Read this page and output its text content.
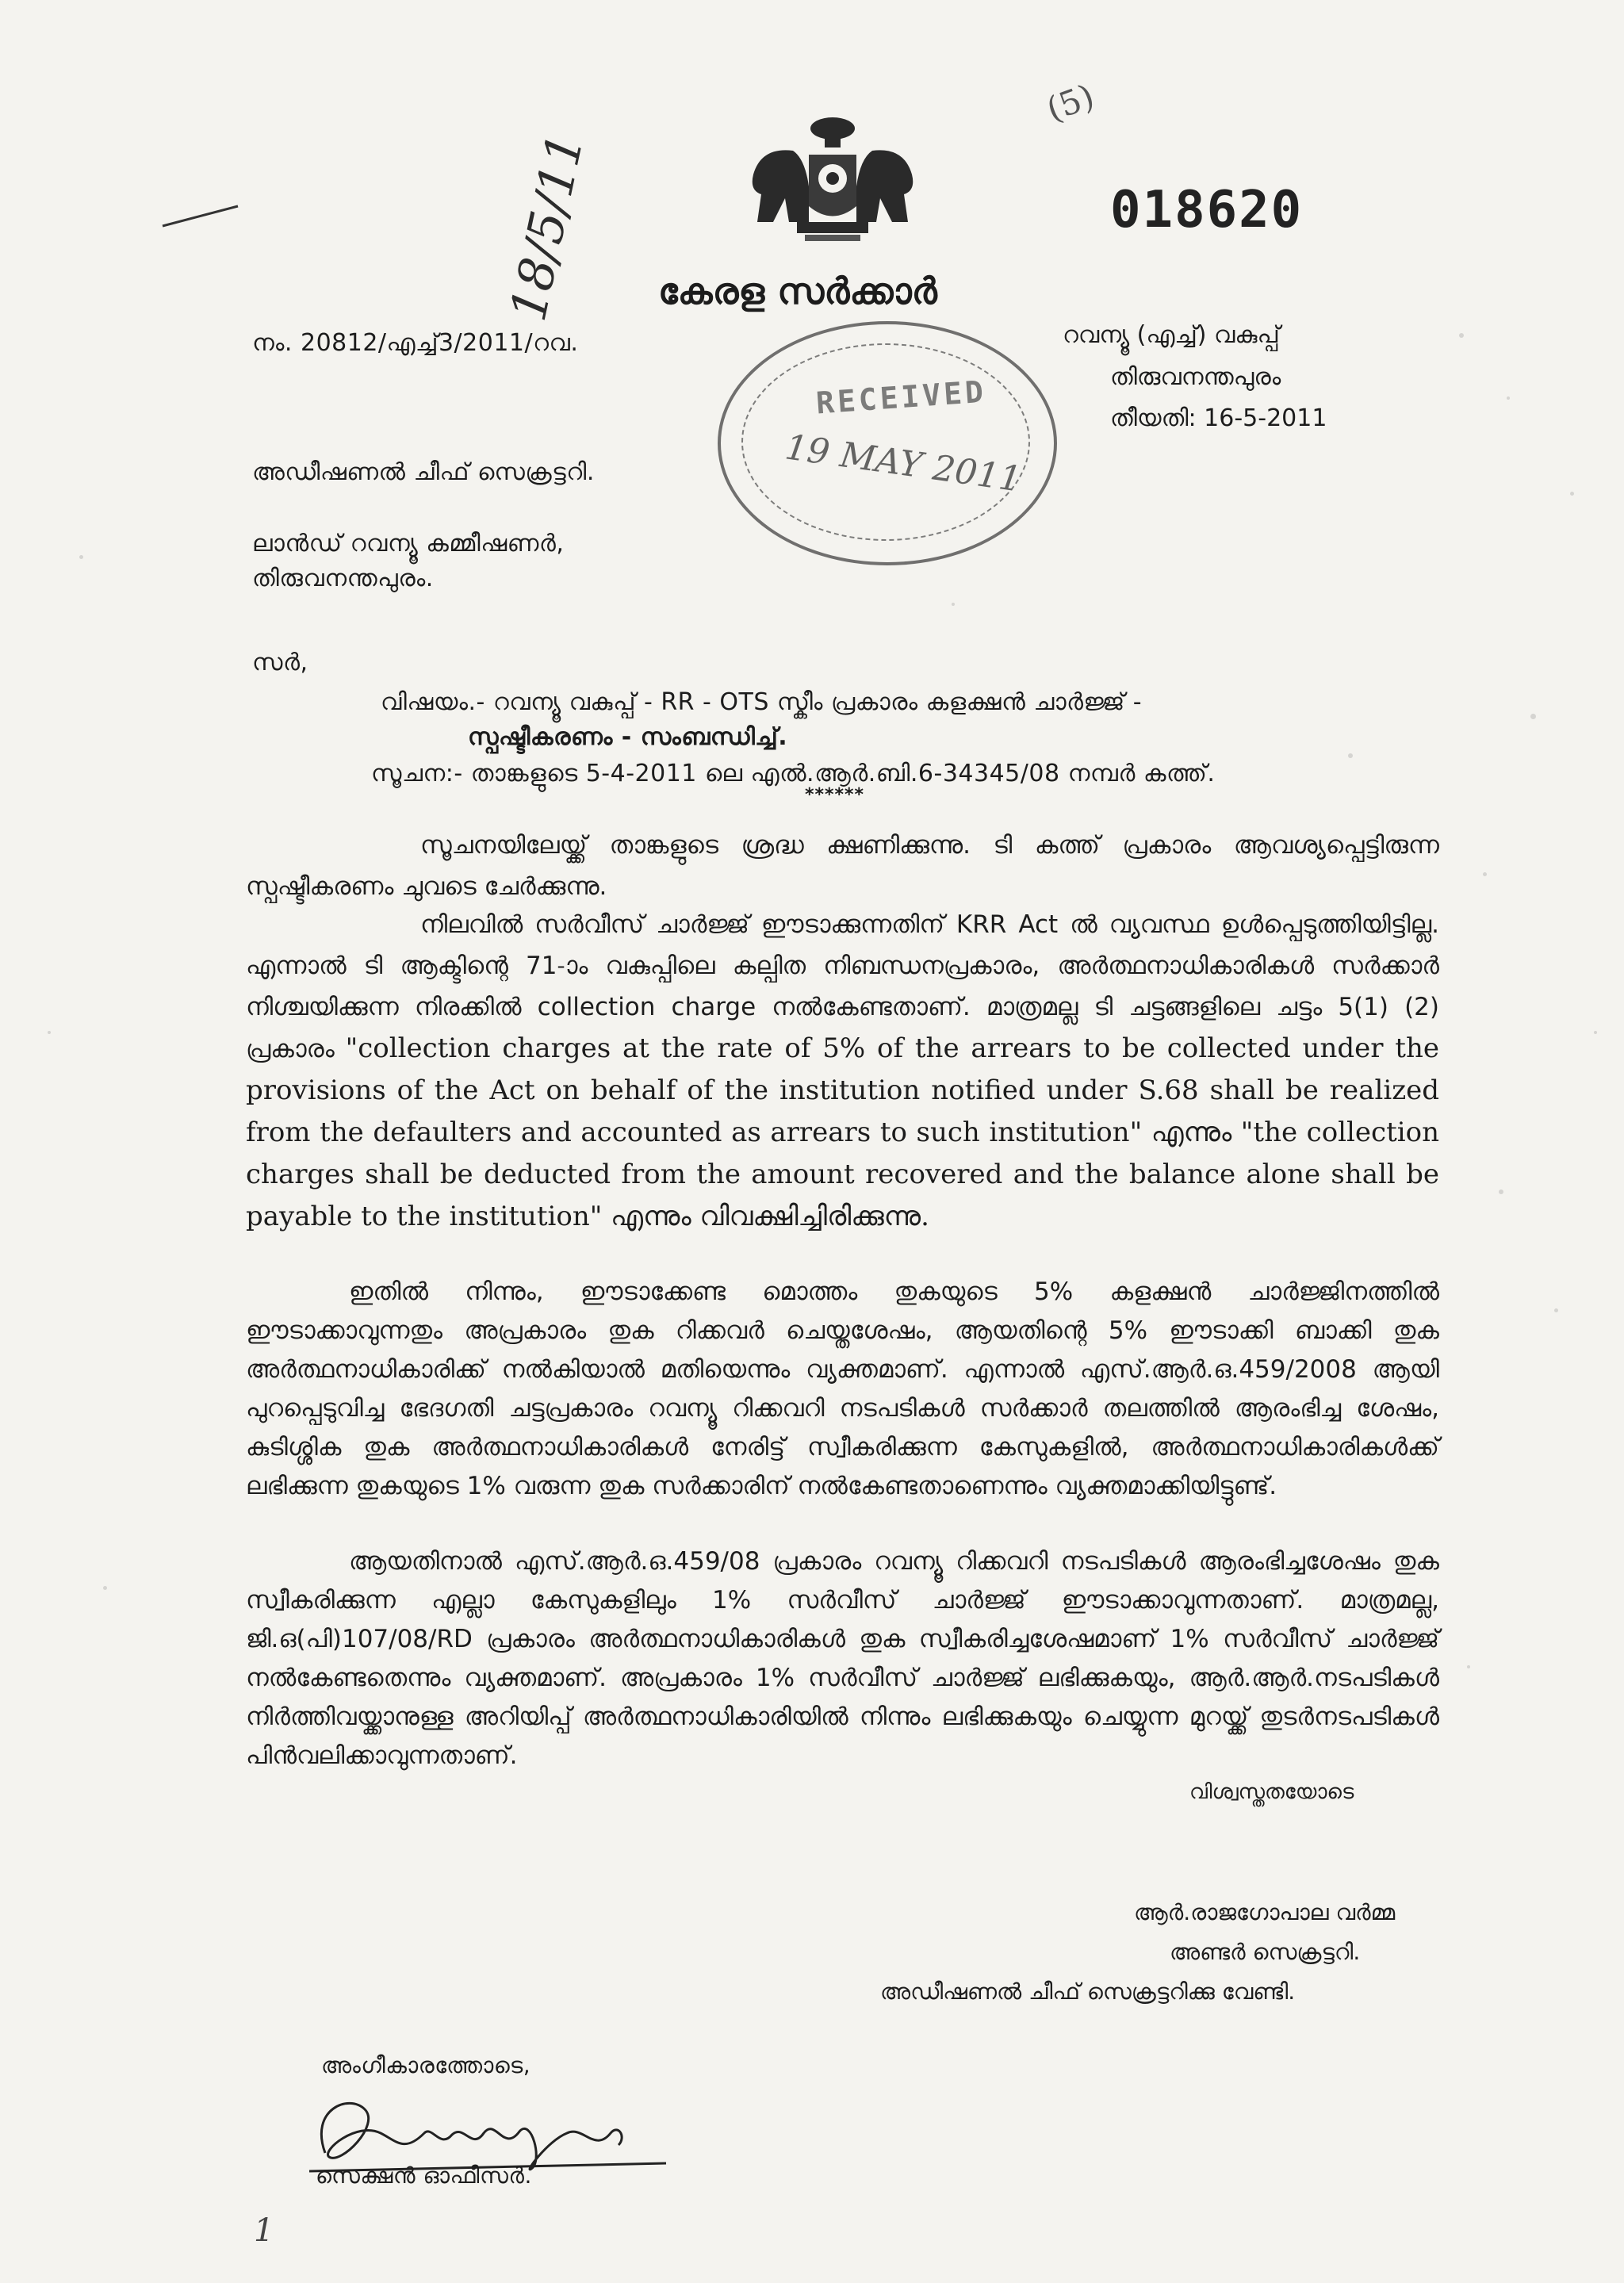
(5)
18/5/11	018620
കേരള സർക്കാർ
നം. 20812/എച്ച്3/2011/റവ.	റവന്യൂ (എച്ച്) വകുപ്പ്
തിരുവനന്തപുരം
തീയതി: 16-5-2011
RECEIVED
19 MAY 2011
അഡീഷണൽ ചീഫ് സെക്രട്ടറി.
ലാൻഡ് റവന്യൂ കമ്മീഷണർ,
തിരുവനന്തപുരം.
സർ,
വിഷയം.- റവന്യൂ വകുപ്പ് - RR - OTS സ്കീം പ്രകാരം കളക്ഷൻ ചാർജ്ജ് -
സ്പഷ്ടീകരണം - സംബന്ധിച്ച്.
സൂചന:- താങ്കളുടെ 5-4-2011 ലെ എൽ.ആർ.ബി.6-34345/08 നമ്പർ കത്ത്.
******
സൂചനയിലേയ്ക്ക് താങ്കളുടെ ശ്രദ്ധ ക്ഷണിക്കുന്നു. ടി കത്ത് പ്രകാരം ആവശ്യപ്പെട്ടിരുന്ന സ്പഷ്ടീകരണം ചുവടെ ചേർക്കുന്നു.
നിലവിൽ സർവീസ് ചാർജ്ജ് ഈടാക്കുന്നതിന് KRR Act ൽ വ്യവസ്ഥ ഉൾപ്പെടുത്തിയിട്ടില്ല. എന്നാൽ ടി ആക്ടിന്റെ 71-ാം വകുപ്പിലെ കല്പിത നിബന്ധനപ്രകാരം, അർത്ഥനാധികാരികൾ സർക്കാർ നിശ്ചയിക്കുന്ന നിരക്കിൽ collection charge നൽകേണ്ടതാണ്. മാത്രമല്ല ടി ചട്ടങ്ങളിലെ ചട്ടം 5(1) (2) പ്രകാരം "collection charges at the rate of 5% of the arrears to be collected under the provisions of the Act on behalf of the institution notified under S.68 shall be realized from the defaulters and accounted as arrears to such institution" എന്നും "the collection charges shall be deducted from the amount recovered and the balance alone shall be payable to the institution" എന്നും വിവക്ഷിച്ചിരിക്കുന്നു.
ഇതിൽ നിന്നും, ഈടാക്കേണ്ട മൊത്തം തുകയുടെ 5% കളക്ഷൻ ചാർജ്ജിനത്തിൽ ഈടാക്കാവുന്നതും അപ്രകാരം തുക റിക്കവർ ചെയ്തശേഷം, ആയതിന്റെ 5% ഈടാക്കി ബാക്കി തുക അർത്ഥനാധികാരിക്ക് നൽകിയാൽ മതിയെന്നും വ്യക്തമാണ്. എന്നാൽ എസ്.ആർ.ഒ.459/2008 ആയി പുറപ്പെടുവിച്ച ഭേദഗതി ചട്ടപ്രകാരം റവന്യൂ റിക്കവറി നടപടികൾ സർക്കാർ തലത്തിൽ ആരംഭിച്ച ശേഷം, കുടിശ്ശിക തുക അർത്ഥനാധികാരികൾ നേരിട്ട് സ്വീകരിക്കുന്ന കേസുകളിൽ, അർത്ഥനാധികാരികൾക്ക് ലഭിക്കുന്ന തുകയുടെ 1% വരുന്ന തുക സർക്കാരിന് നൽകേണ്ടതാണെന്നും വ്യക്തമാക്കിയിട്ടുണ്ട്.
ആയതിനാൽ എസ്.ആർ.ഒ.459/08 പ്രകാരം റവന്യൂ റിക്കവറി നടപടികൾ ആരംഭിച്ചശേഷം തുക സ്വീകരിക്കുന്ന എല്ലാ കേസുകളിലും 1% സർവീസ് ചാർജ്ജ് ഈടാക്കാവുന്നതാണ്. മാത്രമല്ല, ജി.ഒ(പി)107/08/RD പ്രകാരം അർത്ഥനാധികാരികൾ തുക സ്വീകരിച്ചശേഷമാണ് 1% സർവീസ് ചാർജ്ജ് നൽകേണ്ടതെന്നും വ്യക്തമാണ്. അപ്രകാരം 1% സർവീസ് ചാർജ്ജ് ലഭിക്കുകയും, ആർ.ആർ.നടപടികൾ നിർത്തിവയ്ക്കാനുള്ള അറിയിപ്പ് അർത്ഥനാധികാരിയിൽ നിന്നും ലഭിക്കുകയും ചെയ്യുന്ന മുറയ്ക്ക് തുടർനടപടികൾ പിൻവലിക്കാവുന്നതാണ്.
വിശ്വസ്തതയോടെ
ആർ.രാജഗോപാല വർമ്മ
അണ്ടർ സെക്രട്ടറി.
അഡീഷണൽ ചീഫ് സെക്രട്ടറിക്കു വേണ്ടി.
അംഗീകാരത്തോടെ,
സെക്ഷൻ ഓഫീസർ.
1
